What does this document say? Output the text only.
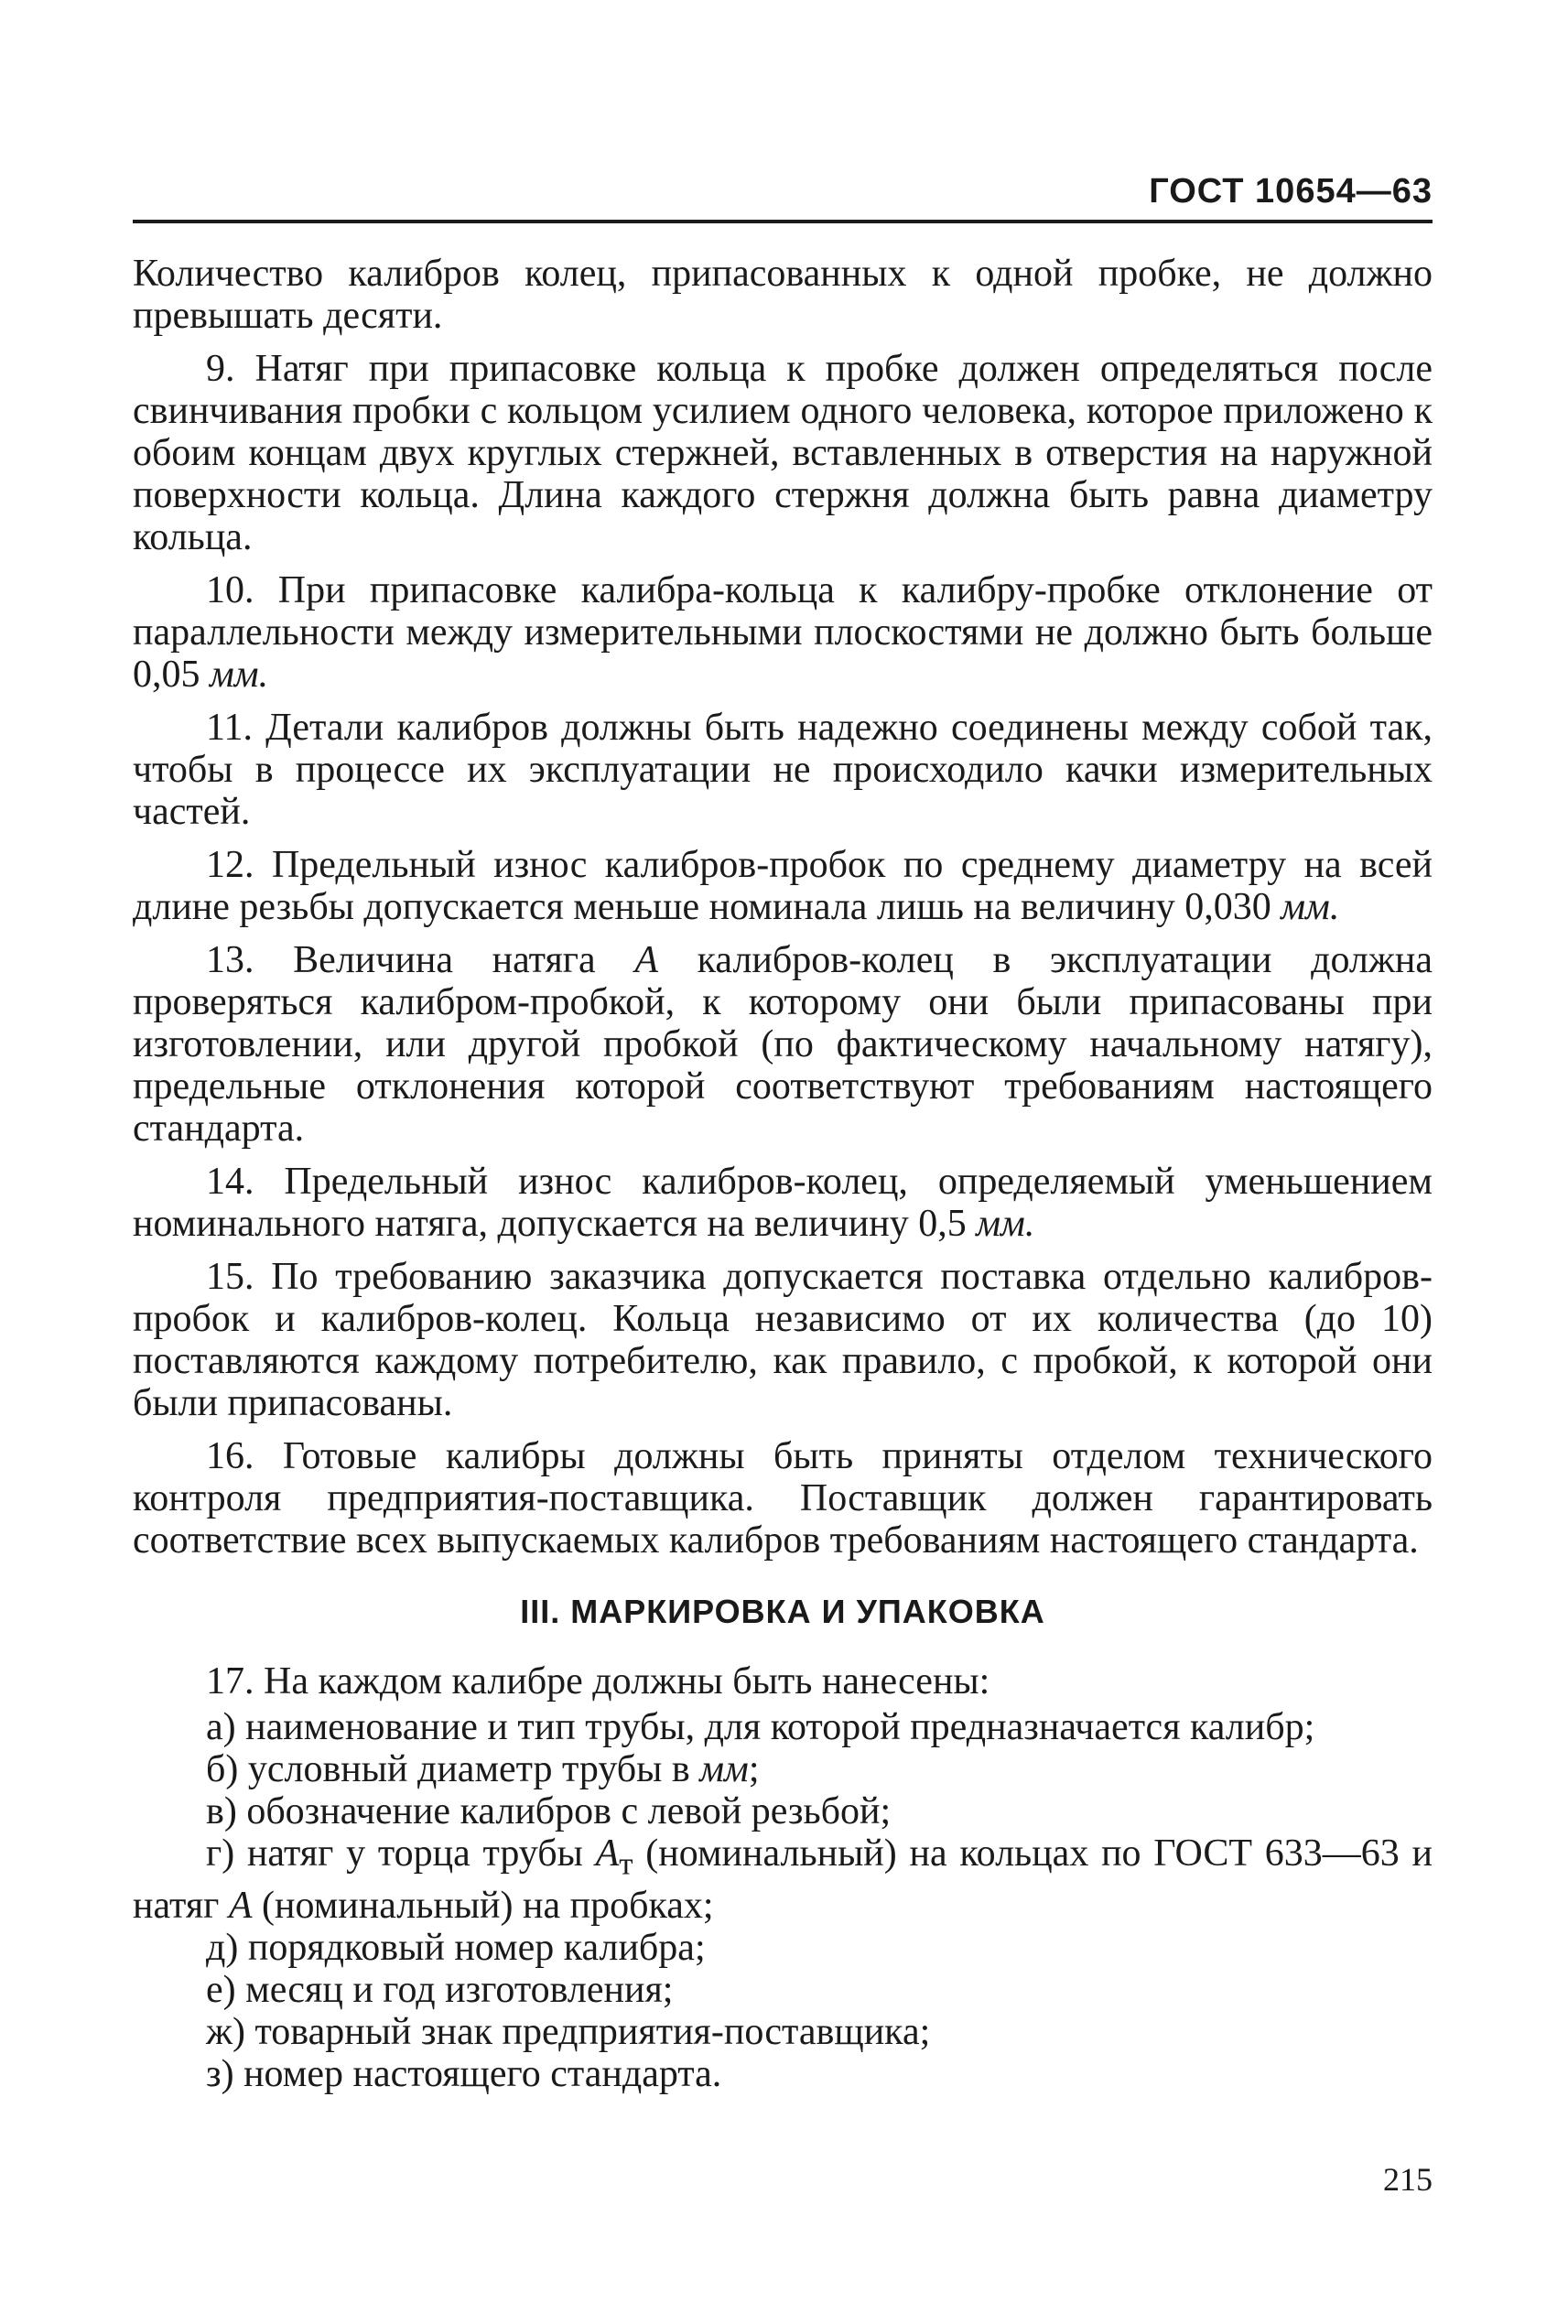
ГОСТ 10654—63

Количество калибров колец, припасованных к одной пробке, не должно превышать десяти.

9. Натяг при припасовке кольца к пробке должен определяться после свинчивания пробки с кольцом усилием одного человека, которое приложено к обоим концам двух круглых стержней, вставленных в отверстия на наружной поверхности кольца. Длина каждого стержня должна быть равна диаметру кольца.

10. При припасовке калибра-кольца к калибру-пробке отклонение от параллельности между измерительными плоскостями не должно быть больше 0,05 мм.

11. Детали калибров должны быть надежно соединены между собой так, чтобы в процессе их эксплуатации не происходило качки измерительных частей.

12. Предельный износ калибров-пробок по среднему диаметру на всей длине резьбы допускается меньше номинала лишь на величину 0,030 мм.

13. Величина натяга А калибров-колец в эксплуатации должна проверяться калибром-пробкой, к которому они были припасованы при изготовлении, или другой пробкой (по фактическому начальному натягу), предельные отклонения которой соответствуют требованиям настоящего стандарта.

14. Предельный износ калибров-колец, определяемый уменьшением номинального натяга, допускается на величину 0,5 мм.

15. По требованию заказчика допускается поставка отдельно калибров-пробок и калибров-колец. Кольца независимо от их количества (до 10) поставляются каждому потребителю, как правило, с пробкой, к которой они были припасованы.

16. Готовые калибры должны быть приняты отделом технического контроля предприятия-поставщика. Поставщик должен гарантировать соответствие всех выпускаемых калибров требованиям настоящего стандарта.

III. МАРКИРОВКА И УПАКОВКА

17. На каждом калибре должны быть нанесены:

а) наименование и тип трубы, для которой предназначается калибр;
б) условный диаметр трубы в мм;
в) обозначение калибров с левой резьбой;
г) натяг у торца трубы $А_т$ (номинальный) на кольцах по ГОСТ 633—63 и натяг А (номинальный) на пробках;
д) порядковый номер калибра;
е) месяц и год изготовления;
ж) товарный знак предприятия-поставщика;
з) номер настоящего стандарта.
215
